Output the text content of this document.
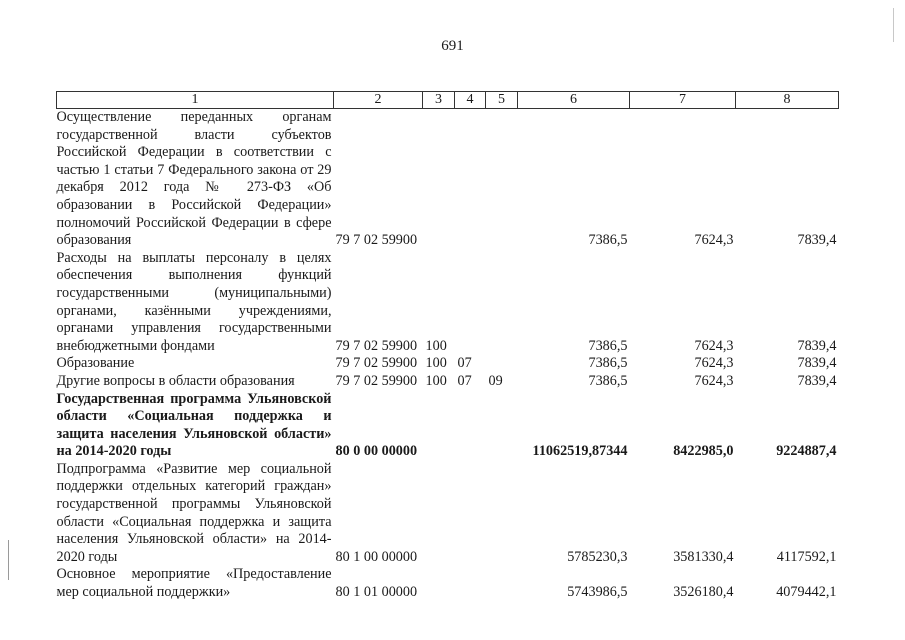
691
1	2	3	4	5	6	7	8
Осуществление переданных органам государственной власти субъектов Российской Федерации в соответствии с частью 1 статьи 7 Федерального закона от 29 декабря 2012 года № 273-ФЗ «Об образовании в Российской Федерации» полномочий Российской Федерации в сфере образования	79 7 02 59900				7386,5	7624,3	7839,4
Расходы на выплаты персоналу в целях обеспечения выполнения функций государственными (муниципальными) органами, казёнными учреждениями, органами управления государственными внебюджетными фондами	79 7 02 59900	100			7386,5	7624,3	7839,4
Образование	79 7 02 59900	100	07		7386,5	7624,3	7839,4
Другие вопросы в области образования	79 7 02 59900	100	07	09	7386,5	7624,3	7839,4
Государственная программа Ульяновской области «Социальная поддержка и защита населения Ульяновской области» на 2014-2020 годы	80 0 00 00000				11062519,87344	8422985,0	9224887,4
Подпрограмма «Развитие мер социальной поддержки отдельных категорий граждан» государственной программы Ульяновской области «Социальная поддержка и защита населения Ульяновской области» на 2014-2020 годы	80 1 00 00000				5785230,3	3581330,4	4117592,1
Основное мероприятие «Предоставление мер социальной поддержки»	80 1 01 00000				5743986,5	3526180,4	4079442,1
